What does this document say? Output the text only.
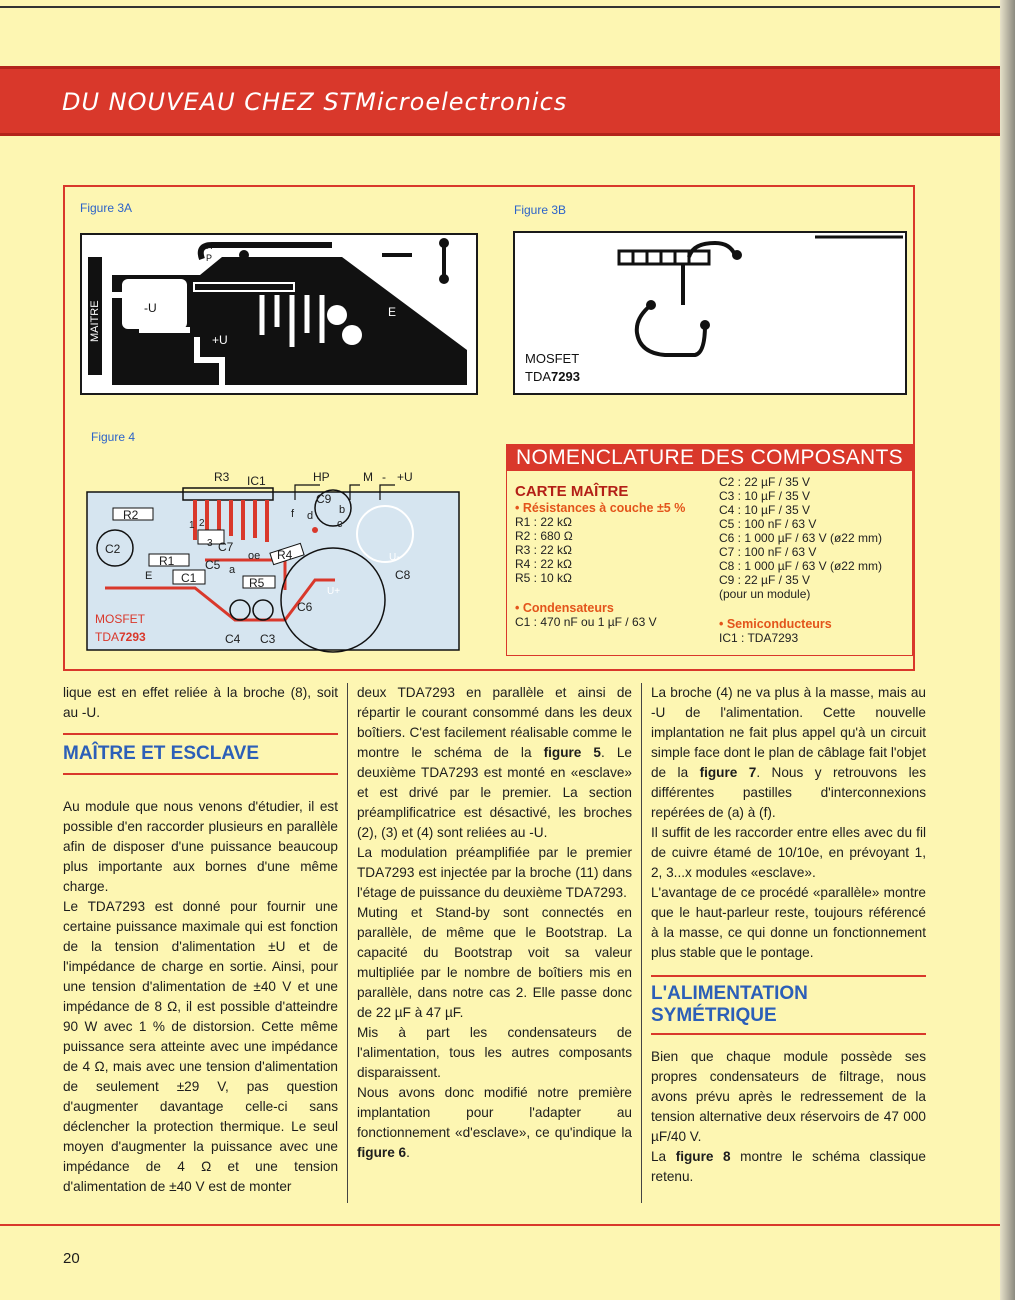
DU NOUVEAU CHEZ STMicroelectronics
Figure 3A	Figure 3B
Figure 4
MAITRE
H
P
-U
+U
E
MOSFET
TDA7293
R3 IC1	HP	M - +U
R2
C2
R1
C1
C7
C5
R4
R5
C9
C8
C6
C4 C3
E
oe
a
b
c
d
f
1 2
3
U-
U+
MOSFET
TDA7293
NOMENCLATURE DES COMPOSANTS
CARTE MAÎTRE
• Résistances à couche ±5 %
R1 : 22 kΩ
R2 : 680 Ω
R3 : 22 kΩ
R4 : 22 kΩ
R5 : 10 kΩ
• Condensateurs
C1 : 470 nF ou 1 µF / 63 V
C2 : 22 µF / 35 V
C3 : 10 µF / 35 V
C4 : 10 µF / 35 V
C5 : 100 nF / 63 V
C6 : 1 000 µF / 63 V (ø22 mm)
C7 : 100 nF / 63 V
C8 : 1 000 µF / 63 V (ø22 mm)
C9 : 22 µF / 35 V
(pour un module)
• Semiconducteurs
IC1 : TDA7293

lique est en effet reliée à la broche (8), soit au -U.

MAÎTRE ET ESCLAVE

Au module que nous venons d'étudier, il est possible d'en raccorder plusieurs en parallèle afin de disposer d'une puissance beaucoup plus importante aux bornes d'une même charge.

Le TDA7293 est donné pour fournir une certaine puissance maximale qui est fonction de la tension d'alimentation ±U et de l'impédance de charge en sortie. Ainsi, pour une tension d'alimentation de ±40 V et une impédance de 8 Ω, il est possible d'atteindre 90 W avec 1 % de distorsion. Cette même puissance sera atteinte avec une impédance de 4 Ω, mais avec une tension d'alimentation de seulement ±29 V, pas question d'augmenter davantage celle-ci sans déclencher la protection thermique. Le seul moyen d'augmenter la puissance avec une impédance de 4 Ω et une tension d'alimentation de ±40 V est de monter

deux TDA7293 en parallèle et ainsi de répartir le courant consommé dans les deux boîtiers. C'est facilement réalisable comme le montre le schéma de la figure 5. Le deuxième TDA7293 est monté en «esclave» et est drivé par le premier. La section préamplificatrice est désactivé, les broches (2), (3) et (4) sont reliées au -U.

La modulation préamplifiée par le premier TDA7293 est injectée par la broche (11) dans l'étage de puissance du deuxième TDA7293.

Muting et Stand-by sont connectés en parallèle, de même que le Bootstrap. La capacité du Bootstrap voit sa valeur multipliée par le nombre de boîtiers mis en parallèle, dans notre cas 2. Elle passe donc de 22 µF à 47 µF.

Mis à part les condensateurs de l'alimentation, tous les autres composants disparaissent.

Nous avons donc modifié notre première implantation pour l'adapter au fonctionnement «d'esclave», ce qu'indique la figure 6.

La broche (4) ne va plus à la masse, mais au -U de l'alimentation. Cette nouvelle implantation ne fait plus appel qu'à un circuit simple face dont le plan de câblage fait l'objet de la figure 7. Nous y retrouvons les différentes pastilles d'interconnexions repérées de (a) à (f).

Il suffit de les raccorder entre elles avec du fil de cuivre étamé de 10/10e, en prévoyant 1, 2, 3...x modules «esclave».

L'avantage de ce procédé «parallèle» montre que le haut-parleur reste, toujours référencé à la masse, ce qui donne un fonctionnement plus stable que le pontage.

L'ALIMENTATION SYMÉTRIQUE

Bien que chaque module possède ses propres condensateurs de filtrage, nous avons prévu après le redressement de la tension alternative deux réservoirs de 47 000 µF/40 V.

La figure 8 montre le schéma classique retenu.

20
